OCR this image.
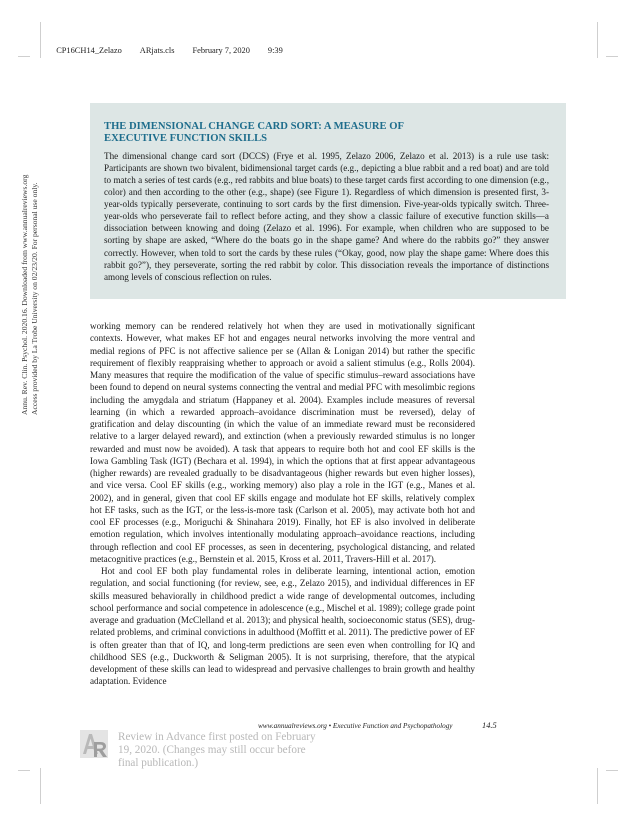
CP16CH14_Zelazo ARjats.cls February 7, 2020 9:39

Annu. Rev. Clin. Psychol. 2020.16. Downloaded from www.annualreviews.org Access provided by La Trobe University on 02/23/20. For personal use only.
THE DIMENSIONAL CHANGE CARD SORT: A MEASURE OF EXECUTIVE FUNCTION SKILLS

The dimensional change card sort (DCCS) (Frye et al. 1995, Zelazo 2006, Zelazo et al. 2013) is a rule use task: Participants are shown two bivalent, bidimensional target cards (e.g., depicting a blue rabbit and a red boat) and are told to match a series of test cards (e.g., red rabbits and blue boats) to these target cards first according to one dimension (e.g., color) and then according to the other (e.g., shape) (see Figure 1). Regardless of which dimension is presented first, 3-year-olds typically perseverate, continuing to sort cards by the first dimension. Five-year-olds typically switch. Three-year-olds who perseverate fail to reflect before acting, and they show a classic failure of executive function skills—a dissociation between knowing and doing (Zelazo et al. 1996). For example, when children who are supposed to be sorting by shape are asked, “Where do the boats go in the shape game? And where do the rabbits go?” they answer correctly. However, when told to sort the cards by these rules (“Okay, good, now play the shape game: Where does this rabbit go?”), they perseverate, sorting the red rabbit by color. This dissociation reveals the importance of distinctions among levels of conscious reflection on rules.

working memory can be rendered relatively hot when they are used in motivationally significant contexts. However, what makes EF hot and engages neural networks involving the more ventral and medial regions of PFC is not affective salience per se (Allan & Lonigan 2014) but rather the specific requirement of flexibly reappraising whether to approach or avoid a salient stimulus (e.g., Rolls 2004). Many measures that require the modification of the value of specific stimulus–reward associations have been found to depend on neural systems connecting the ventral and medial PFC with mesolimbic regions including the amygdala and striatum (Happaney et al. 2004). Examples include measures of reversal learning (in which a rewarded approach–avoidance discrimination must be reversed), delay of gratification and delay discounting (in which the value of an immediate reward must be reconsidered relative to a larger delayed reward), and extinction (when a previously rewarded stimulus is no longer rewarded and must now be avoided). A task that appears to require both hot and cool EF skills is the Iowa Gambling Task (IGT) (Bechara et al. 1994), in which the options that at first appear advantageous (higher rewards) are revealed gradually to be disadvantageous (higher rewards but even higher losses), and vice versa. Cool EF skills (e.g., working memory) also play a role in the IGT (e.g., Manes et al. 2002), and in general, given that cool EF skills engage and modulate hot EF skills, relatively complex hot EF tasks, such as the IGT, or the less-is-more task (Carlson et al. 2005), may activate both hot and cool EF processes (e.g., Moriguchi & Shinahara 2019). Finally, hot EF is also involved in deliberate emotion regulation, which involves intentionally modulating approach–avoidance reactions, including through reflection and cool EF processes, as seen in decentering, psychological distancing, and related metacognitive practices (e.g., Bernstein et al. 2015, Kross et al. 2011, Travers-Hill et al. 2017).

Hot and cool EF both play fundamental roles in deliberate learning, intentional action, emotion regulation, and social functioning (for review, see, e.g., Zelazo 2015), and individual differences in EF skills measured behaviorally in childhood predict a wide range of developmental outcomes, including school performance and social competence in adolescence (e.g., Mischel et al. 1989); college grade point average and graduation (McClelland et al. 2013); and physical health, socioeconomic status (SES), drug-related problems, and criminal convictions in adulthood (Moffitt et al. 2011). The predictive power of EF is often greater than that of IQ, and long-term predictions are seen even when controlling for IQ and childhood SES (e.g., Duckworth & Seligman 2005). It is not surprising, therefore, that the atypical development of these skills can lead to widespread and pervasive challenges to brain growth and healthy adaptation. Evidence

www.annualreviews.org • Executive Function and Psychopathology	14.5
Review in Advance first posted on February 19, 2020. (Changes may still occur before final publication.)
